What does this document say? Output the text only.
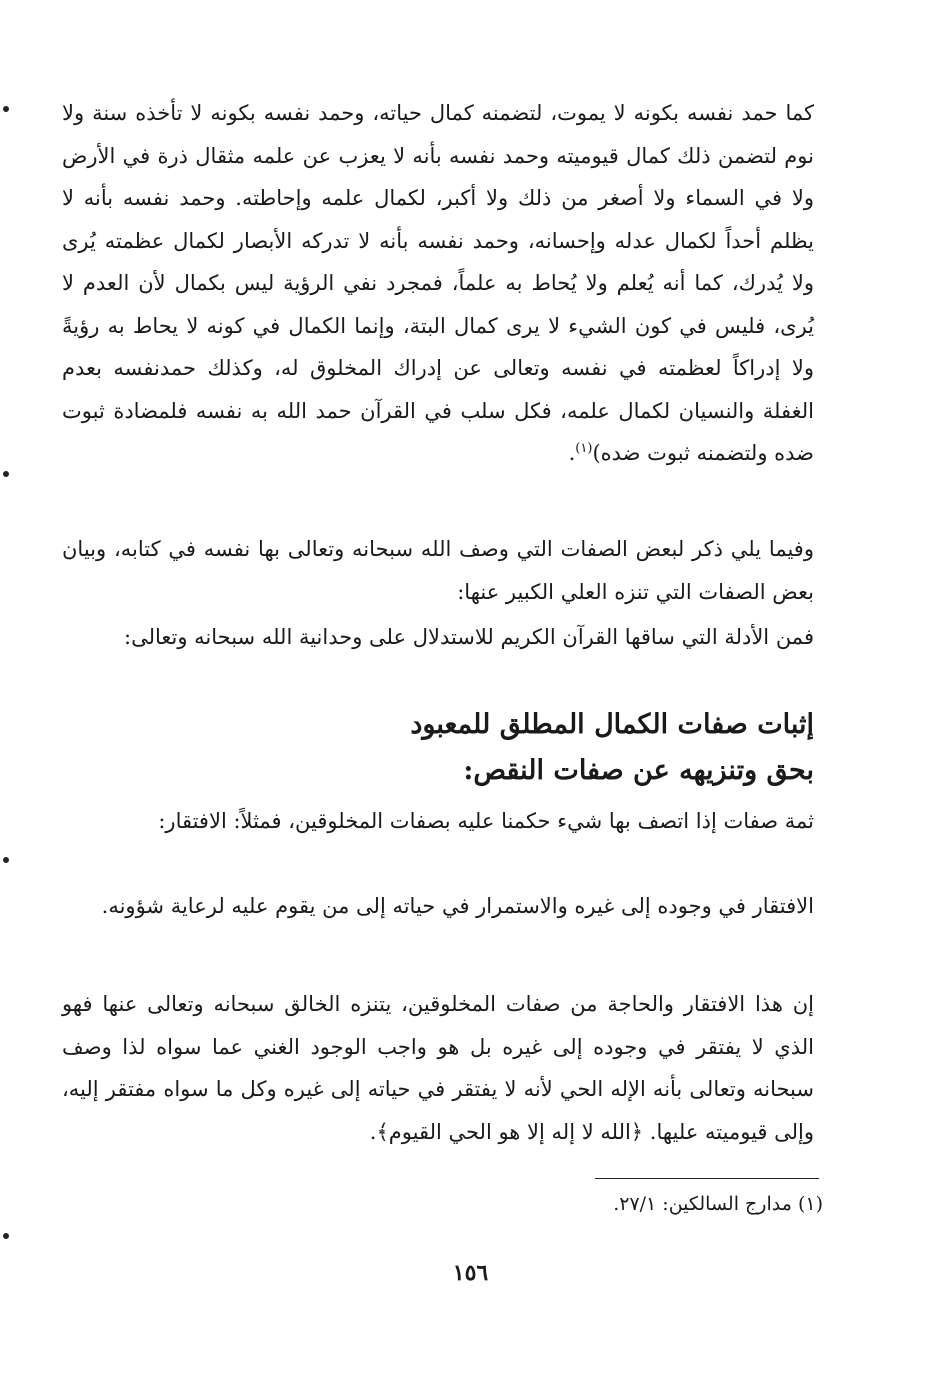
كما حمد نفسه بكونه لا يموت، لتضمنه كمال حياته، وحمد نفسه بكونه لا تأخذه سنة ولا نوم لتضمن ذلك كمال قيوميته وحمد نفسه بأنه لا يعزب عن علمه مثقال ذرة في الأرض ولا في السماء ولا أصغر من ذلك ولا أكبر، لكمال علمه وإحاطته. وحمد نفسه بأنه لا يظلم أحداً لكمال عدله وإحسانه، وحمد نفسه بأنه لا تدركه الأبصار لكمال عظمته يُرى ولا يُدرك، كما أنه يُعلم ولا يُحاط به علماً، فمجرد نفي الرؤية ليس بكمال لأن العدم لا يُرى، فليس في كون الشيء لا يرى كمال البتة، وإنما الكمال في كونه لا يحاط به رؤيةً ولا إدراكاً لعظمته في نفسه وتعالى عن إدراك المخلوق له، وكذلك حمدنفسه بعدم الغفلة والنسيان لكمال علمه، فكل سلب في القرآن حمد الله به نفسه فلمضادة ثبوت ضده ولتضمنه ثبوت ضده)$^{(١)}$.
وفيما يلي ذكر لبعض الصفات التي وصف الله سبحانه وتعالى بها نفسه في كتابه، وبيان بعض الصفات التي تنزه العلي الكبير عنها:
فمن الأدلة التي ساقها القرآن الكريم للاستدلال على وحدانية الله سبحانه وتعالى:
إثبات صفات الكمال المطلق للمعبود
بحق وتنزيهه عن صفات النقص:
ثمة صفات إذا اتصف بها شيء حكمنا عليه بصفات المخلوقين، فمثلاً: الافتقار:
الافتقار في وجوده إلى غيره والاستمرار في حياته إلى من يقوم عليه لرعاية شؤونه.
إن هذا الافتقار والحاجة من صفات المخلوقين، يتنزه الخالق سبحانه وتعالى عنها فهو الذي لا يفتقر في وجوده إلى غيره بل هو واجب الوجود الغني عما سواه لذا وصف سبحانه وتعالى بأنه الإله الحي لأنه لا يفتقر في حياته إلى غيره وكل ما سواه مفتقر إليه، وإلى قيوميته عليها. ﴿الله لا إله إلا هو الحي القيوم﴾.
(١) مدارج السالكين: ٢٧/١.
١٥٦
